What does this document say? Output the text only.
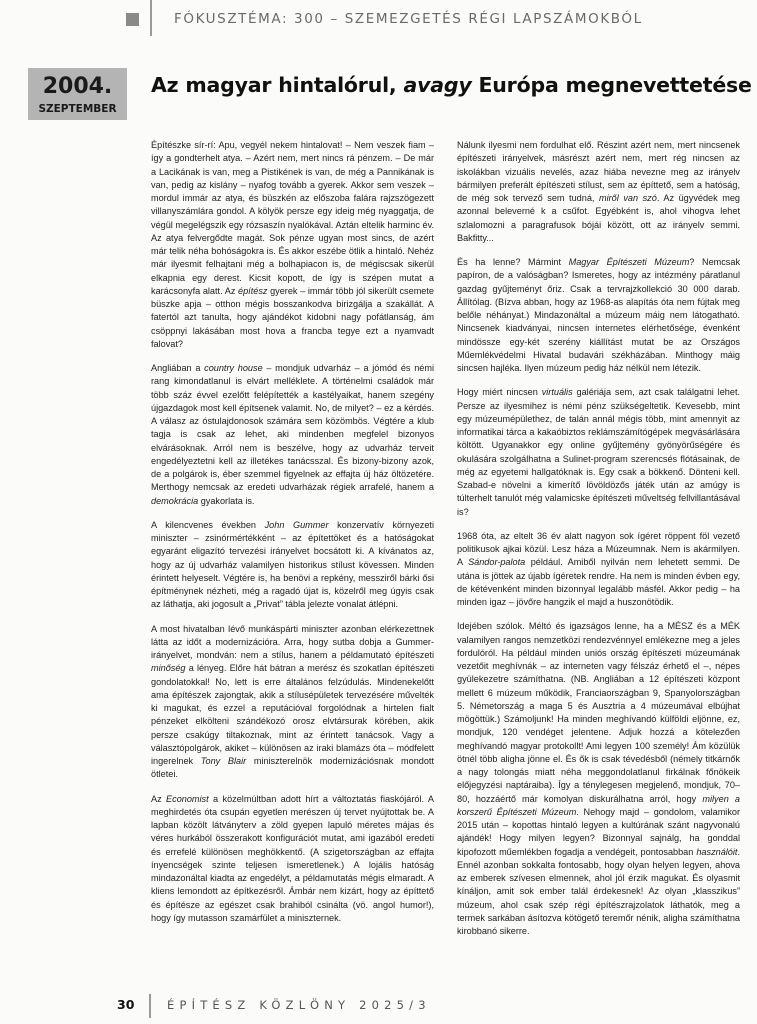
FÓKUSZTÉMA: 300 – SZEMEZGETÉS RÉGI LAPSZÁMOKBÓL
2004.
SZEPTEMBER
Az magyar hintalórul, avagy Európa megnevettetése

Építészke sír-rí: Apu, vegyél nekem hintalovat! – Nem veszek fiam – így a gondterhelt atya. – Azért nem, mert nincs rá pénzem. – De már a Lacikának is van, meg a Pistikének is van, de még a Pannikának is van, pedig az kislány – nyafog tovább a gyerek. Akkor sem veszek – mordul immár az atya, és büszkén az előszoba falára rajzszögezett villanyszámlára gondol. A kölyök persze egy ideig még nyaggatja, de végül megelégszik egy rózsaszín nyalókával. Aztán eltelik harminc év. Az atya felvergődte magát. Sok pénze ugyan most sincs, de azért már telik néha bohóságokra is. És akkor eszébe ötlik a hintaló. Nehéz már ilyesmit felhajtani még a bolhapiacon is, de mégiscsak sikerül elkapnia egy derest. Kicsit kopott, de így is szépen mutat a karácsonyfa alatt. Az építész gyerek – immár több jól sikerült csemete büszke apja – otthon mégis bosszankodva birizgálja a szakállát. A fatertól azt tanulta, hogy ajándékot kidobni nagy pofátlanság, ám csöppnyi lakásában most hova a francba tegye ezt a nyamvadt falovat?

Angliában a country house – mondjuk udvarház – a jómód és némi rang kimondatlanul is elvárt melléklete. A történelmi családok már több száz évvel ezelőtt felépítették a kastélyaikat, hanem szegény újgazdagok most kell építsenek valamit. No, de milyet? – ez a kérdés. A válasz az óstulajdonosok számára sem közömbös. Végtére a klub tagja is csak az lehet, aki mindenben megfelel bizonyos elvárásoknak. Arról nem is beszélve, hogy az udvarház terveit engedélyeztetni kell az illetékes tanácsszal. És bizony-bizony azok, de a polgárok is, éber szemmel figyelnek az effajta új ház öltözetére. Merthogy nemcsak az eredeti udvarházak régiek arrafelé, hanem a demokrácia gyakorlata is.

A kilencvenes években John Gummer konzervatív környezeti miniszter – zsinórmértékként – az építettöket és a hatóságokat egyaránt eligazító tervezési irányelvet bocsátott ki. A kívánatos az, hogy az új udvarház valamilyen historikus stílust kövessen. Minden érintett helyeselt. Végtére is, ha benövi a repkény, messziről bárki ősi építménynek nézheti, még a ragadó újat is, közelről meg úgyis csak az láthatja, aki jogosult a „Privat” tábla jelezte vonalat átlépni.

A most hivatalban lévő munkáspárti miniszter azonban elérkezettnek látta az időt a modernizációra. Arra, hogy sutba dobja a Gummer-irányelvet, mondván: nem a stílus, hanem a példamutató építészeti minőség a lényeg. Előre hát bátran a merész és szokatlan építészeti gondolatokkal! No, lett is erre általános felzúdulás. Mindenekelőtt ama építészek zajongtak, akik a stílusépületek tervezésére művelték ki magukat, és ezzel a reputációval forgolódnak a hirtelen fialt pénzeket elkölteni szándékozó orosz elvtársurak körében, akik persze csakúgy tiltakoznak, mint az érintett tanácsok. Vagy a választópolgárok, akiket – különösen az iraki blamázs óta – módfelett ingerelnek Tony Blair miniszterelnök modernizációsnak mondott ötletei.

Az Economist a közelmúltban adott hírt a változtatás fiaskójáról. A meghirdetés óta csupán egyetlen merészen új tervet nyújtottak be. A lapban közölt látványterv a zöld gyepen lapuló méretes májas és véres hurkából összerakott konfigurációt mutat, ami igazából eredeti és errefelé különösen meghökkentő. (A szigetországban az effajta ínyencségek szinte teljesen ismeretlenek.) A lojális hatóság mindazonáltal kiadta az engedélyt, a példamutatás mégis elmaradt. A kliens lemondott az építkezésről. Ámbár nem kizárt, hogy az építtető és építésze az egészet csak brahiból csinálta (vö. angol humor!), hogy így mutasson szamárfület a miniszternek.

Nálunk ilyesmi nem fordulhat elő. Részint azért nem, mert nincsenek építészeti irányelvek, másrészt azért nem, mert rég nincsen az iskolákban vizuális nevelés, azaz hiába nevezne meg az irányelv bármilyen preferált építészeti stílust, sem az építtető, sem a hatóság, de még sok tervező sem tudná, miről van szó. Az ügyvédek meg azonnal beleverné k a csűfot. Egyébként is, ahol vihogva lehet szlalomozni a paragrafusok bójái között, ott az irányelv semmi. Bakfitty...

És ha lenne? Mármint Magyar Építészeti Múzeum? Nemcsak papíron, de a valóságban? Ismeretes, hogy az intézmény páratlanul gazdag gyűjteményt őriz. Csak a tervrajzkollekció 30 000 darab. Állítólag. (Bízva abban, hogy az 1968-as alapítás óta nem fújtak meg belőle néhányat.) Mindazonáltal a múzeum máig nem látogatható. Nincsenek kiadványai, nincsen internetes elérhetősége, évenként mindössze egy-két szerény kiállítást mutat be az Országos Műemlékvédelmi Hivatal budavári székházában. Minthogy máig sincsen hajléka. Ilyen múzeum pedig ház nélkül nem létezik.

Hogy miért nincsen virtuális galériája sem, azt csak találgatni lehet. Persze az ilyesmihez is némi pénz szükségeltetik. Kevesebb, mint egy múzeumépülethez, de talán annál mégis több, mint amennyit az informatikai tárca a kakaóbiztos reklámszámítógépek megvásárlására költött. Ugyanakkor egy online gyűjtemény gyönyörűségére és okulására szolgálhatna a Sulinet-program szerencsés flótásainak, de még az egyetemi hallgatóknak is. Egy csak a bökkenő. Dönteni kell. Szabad-e növelni a kimerítő lövöldözős játék után az amúgy is túlterhelt tanulót még valamicske építészeti műveltség fellvillantásával is?

1968 óta, az eltelt 36 év alatt nagyon sok ígéret röppent föl vezető politikusok ajkai közül. Lesz háza a Múzeumnak. Nem is akármilyen. A Sándor-palota például. Amiből nyilván nem lehetett semmi. De utána is jöttek az újabb ígéretek rendre. Ha nem is minden évben egy, de kétévenként minden bizonnyal legalább másfél. Akkor pedig – ha minden igaz – jövőre hangzik el majd a huszonötödik.

Idejében szólok. Méltó és igazságos lenne, ha a MÉSZ és a MÉK valamilyen rangos nemzetközi rendezvénnyel emlékezne meg a jeles fordulóról. Ha például minden uniós ország építészeti múzeumának vezetőit meghívnák – az interneten vagy félszáz érhető el –, népes gyülekezetre számíthatna. (NB. Angliában a 12 építészeti központ mellett 6 múzeum működik, Franciaországban 9, Spanyolországban 5. Németország a maga 5 és Ausztria a 4 múzeumával elbújhat mögöttük.) Számoljunk! Ha minden meghívandó külföldi eljönne, ez, mondjuk, 120 vendéget jelentene. Adjuk hozzá a kötelezően meghívandó magyar protokollt! Ami legyen 100 személy! Ám közülük ötnél több aligha jönne el. És ők is csak tévedésből (némely titkárnők a nagy tolongás miatt néha meggondolatlanul firkálnak főnökeik előjegyzési naptáraiba). Így a ténylegesen megjelenő, mondjuk, 70–80, hozzáértő már komolyan diskurálhatna arról, hogy milyen a korszerű Építészeti Múzeum. Nehogy majd – gondolom, valamikor 2015 után – kopottas hintaló legyen a kultúrának szánt nagyvonalú ajándék! Hogy milyen legyen? Bizonnyal sajnálg, ha gonddal kipofozott műemlékben fogadja a vendégeit, pontosabban használóit. Ennél azonban sokkalta fontosabb, hogy olyan helyen legyen, ahova az emberek szívesen elmennek, ahol jól érzik magukat. És olyasmit kínáljon, amit sok ember talál érdekesnek! Az olyan „klasszikus” múzeum, ahol csak szép régi építészrajzolatok láthatók, meg a termek sarkában ásítozva kötögető teremőr nénik, aligha számíthatna kirobbanó sikerre.

30	ÉPÍTÉSZ KÖZLÖNY 2025/3
